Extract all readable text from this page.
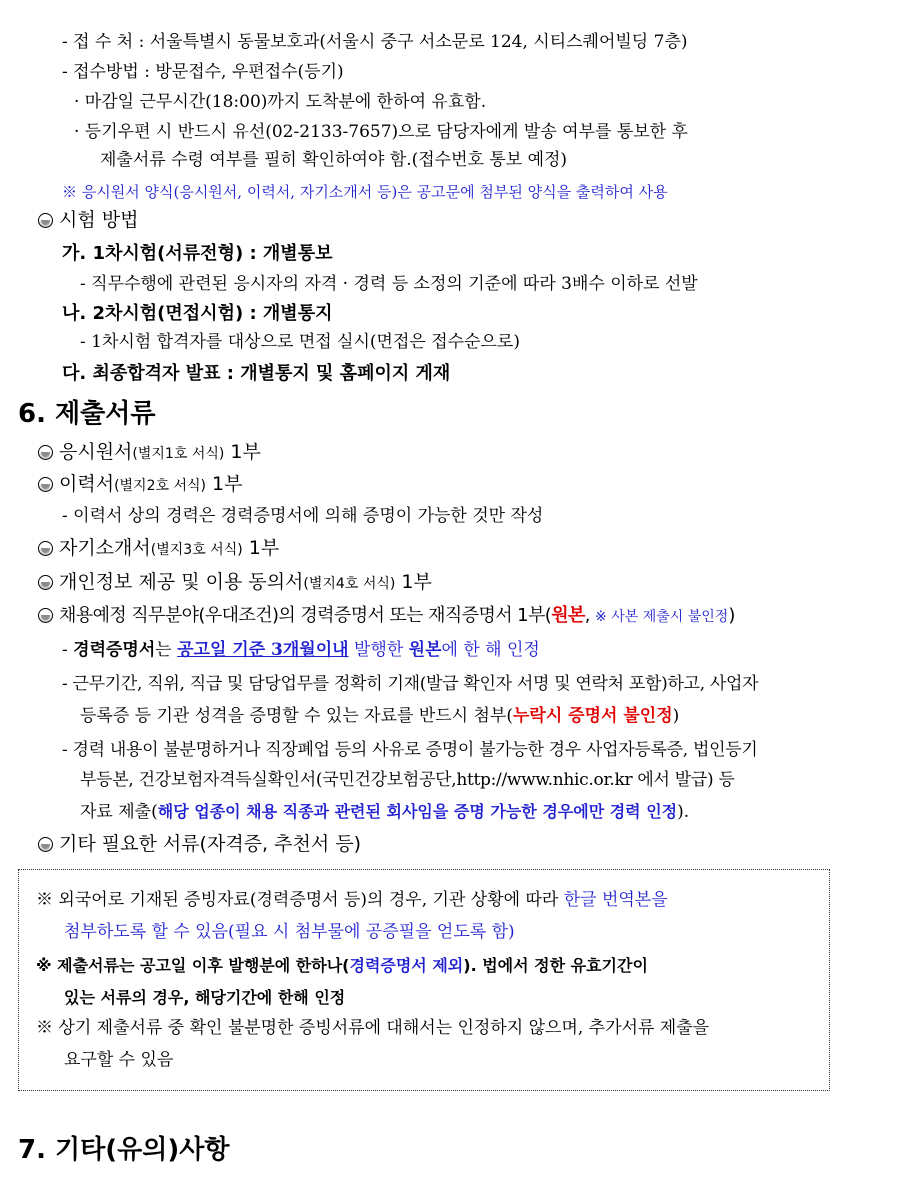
- 접 수 처 : 서울특별시 동물보호과(서울시 중구 서소문로 124, 시티스퀘어빌딩 7층)
- 접수방법 : 방문접수, 우편접수(등기)
· 마감일 근무시간(18:00)까지 도착분에 한하여 유효함.
· 등기우편 시 반드시 유선(02-2133-7657)으로 담당자에게 발송 여부를 통보한 후
제출서류 수령 여부를 필히 확인하여야 함.(접수번호 통보 예정)
※ 응시원서 양식(응시원서, 이력서, 자기소개서 등)은 공고문에 첨부된 양식을 출력하여 사용
시험 방법
가. 1차시험(서류전형) : 개별통보
- 직무수행에 관련된 응시자의 자격 · 경력 등 소정의 기준에 따라 3배수 이하로 선발
나. 2차시험(면접시험) : 개별통지
- 1차시험 합격자를 대상으로 면접 실시(면접은 접수순으로)
다. 최종합격자 발표 : 개별통지 및 홈페이지 게재
6. 제출서류
응시원서(별지1호 서식) 1부
이력서(별지2호 서식) 1부
- 이력서 상의 경력은 경력증명서에 의해 증명이 가능한 것만 작성
자기소개서(별지3호 서식) 1부
개인정보 제공 및 이용 동의서(별지4호 서식) 1부
채용예정 직무분야(우대조건)의 경력증명서 또는 재직증명서 1부(원본, ※ 사본 제출시 불인정)
- 경력증명서는 공고일 기준 3개월이내 발행한 원본에 한 해 인정
- 근무기간, 직위, 직급 및 담당업무를 정확히 기재(발급 확인자 서명 및 연락처 포함)하고, 사업자
등록증 등 기관 성격을 증명할 수 있는 자료를 반드시 첨부(누락시 증명서 불인정)
- 경력 내용이 불분명하거나 직장폐업 등의 사유로 증명이 불가능한 경우 사업자등록증, 법인등기
부등본, 건강보험자격득실확인서(국민건강보험공단,http://www.nhic.or.kr 에서 발급) 등
자료 제출(해당 업종이 채용 직종과 관련된 회사임을 증명 가능한 경우에만 경력 인정).
기타 필요한 서류(자격증, 추천서 등)
※ 외국어로 기재된 증빙자료(경력증명서 등)의 경우, 기관 상황에 따라 한글 번역본을
첨부하도록 할 수 있음(필요 시 첨부물에 공증필을 얻도록 함)
※ 제출서류는 공고일 이후 발행분에 한하나(경력증명서 제외). 법에서 정한 유효기간이
있는 서류의 경우, 해당기간에 한해 인정
※ 상기 제출서류 중 확인 불분명한 증빙서류에 대해서는 인정하지 않으며, 추가서류 제출을
요구할 수 있음
7. 기타(유의)사항
